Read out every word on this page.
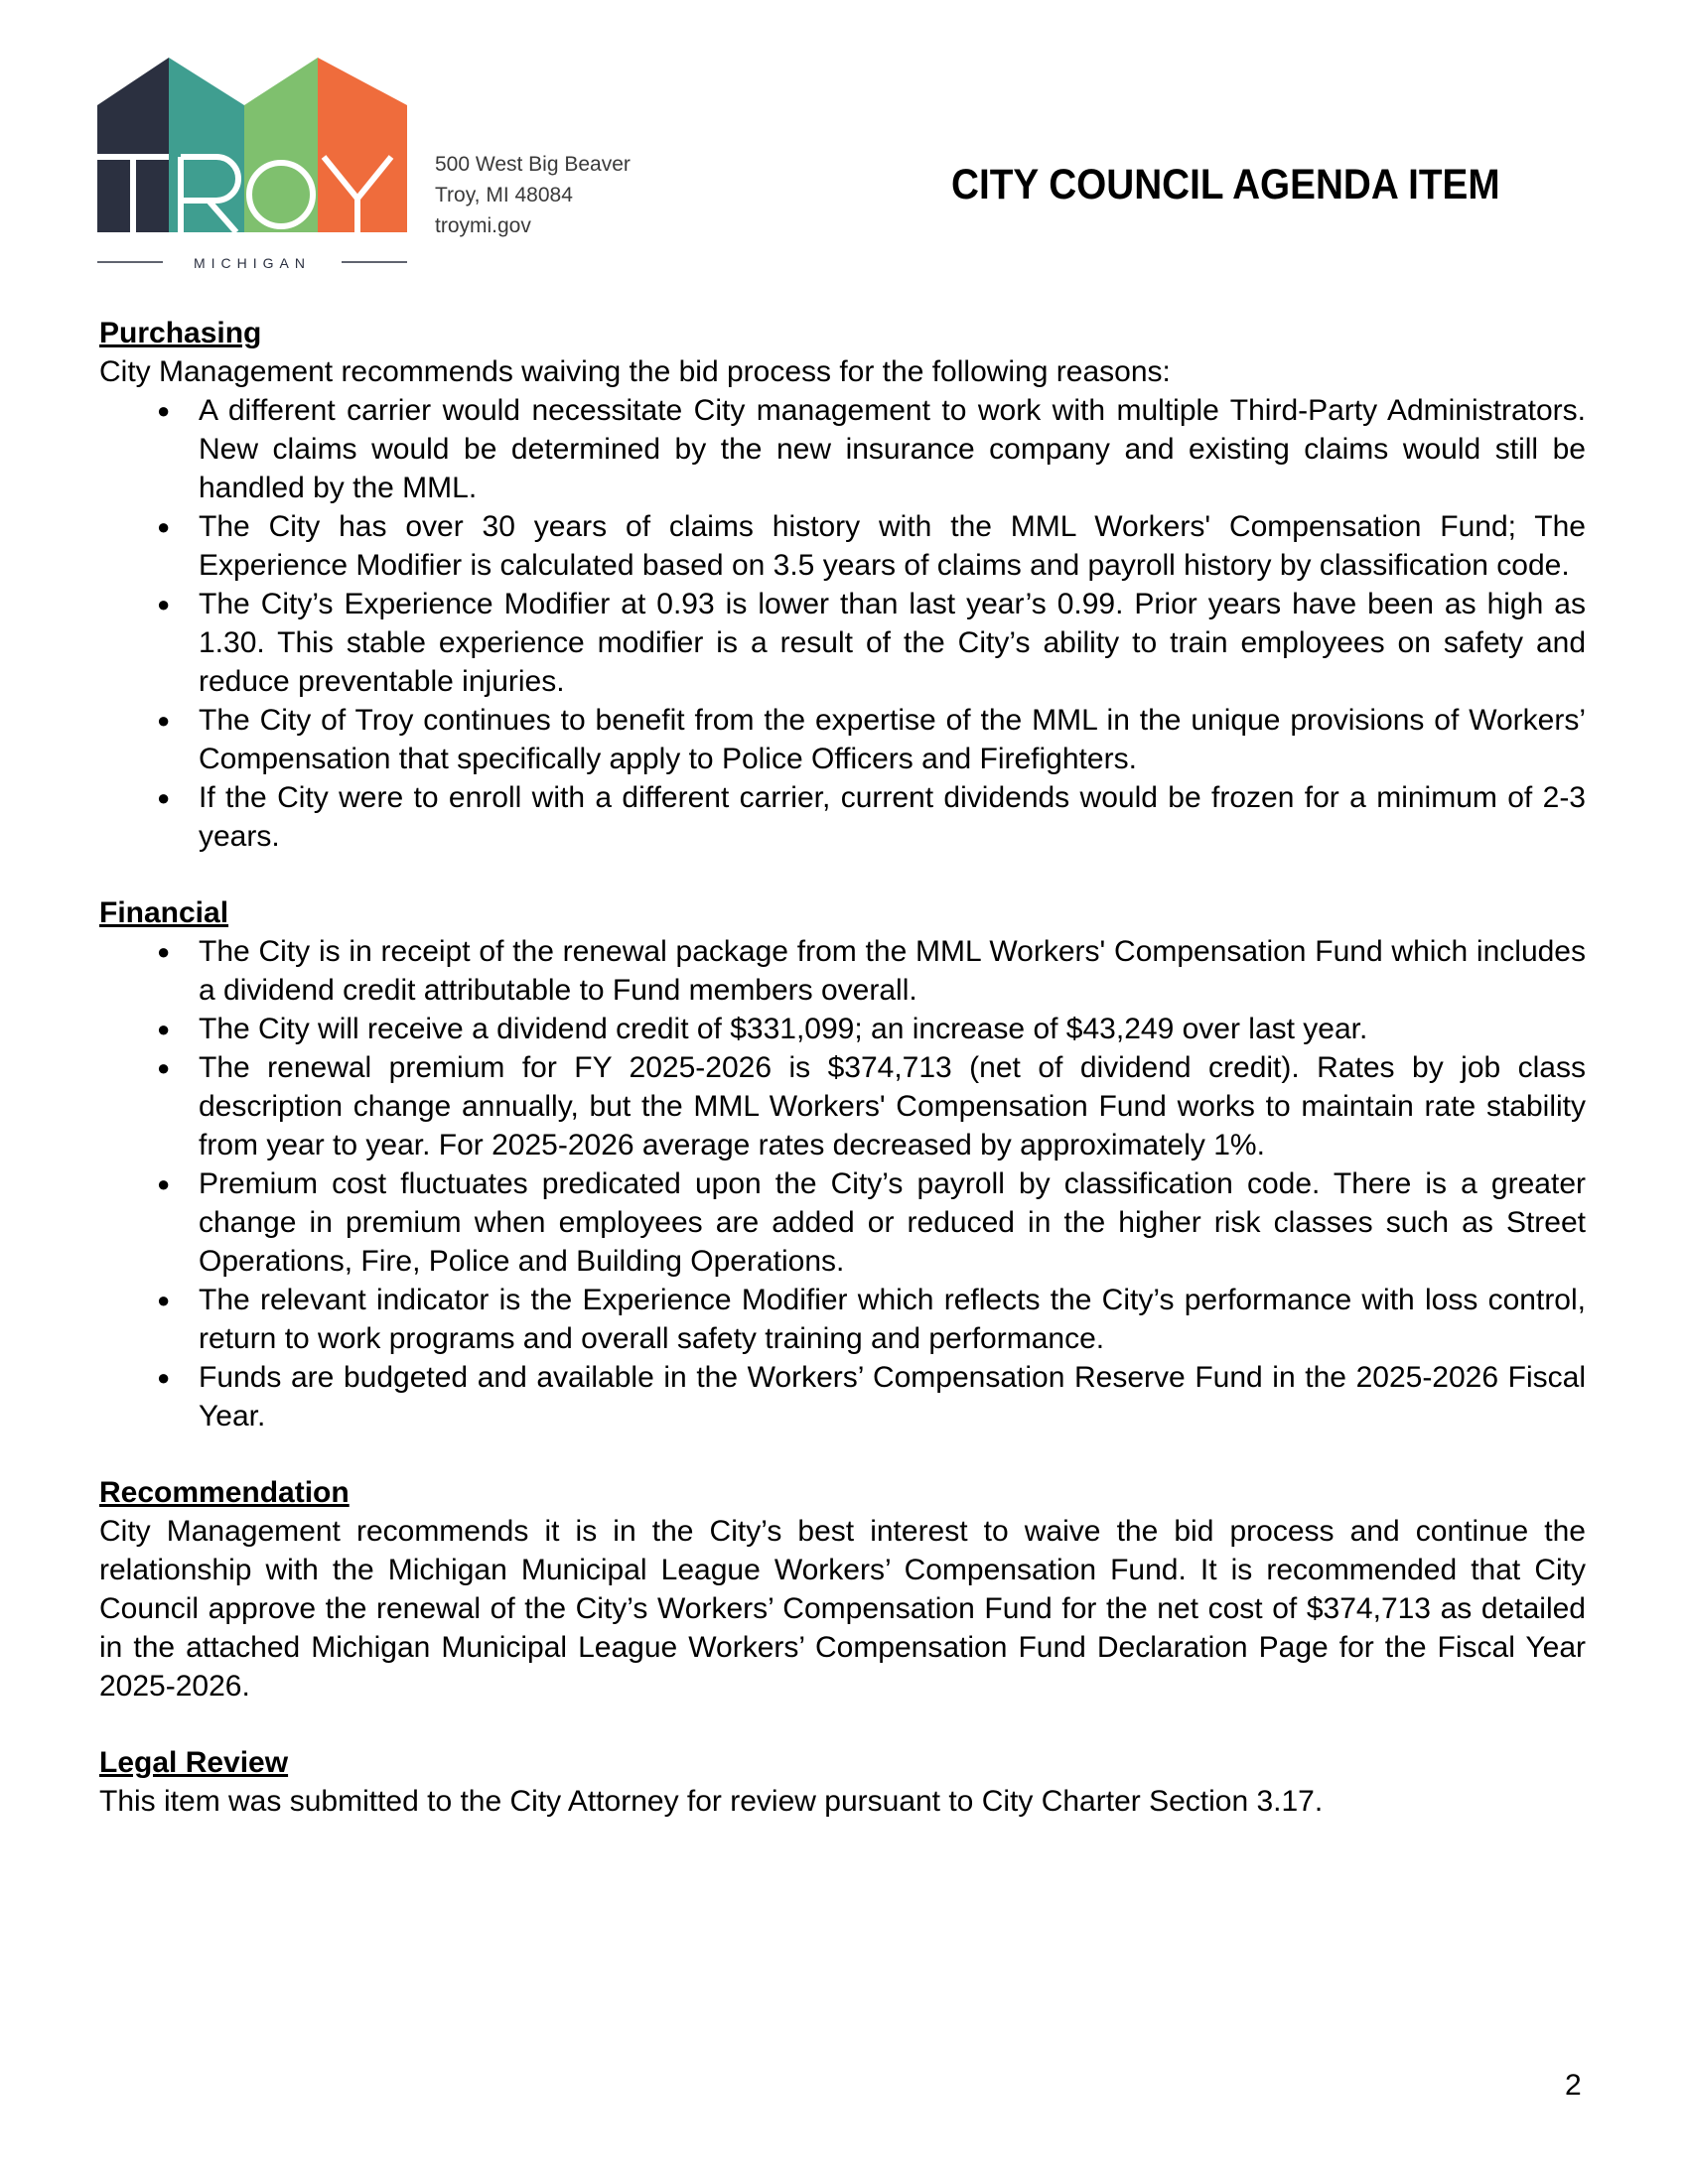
MICHIGAN
500 West Big Beaver
Troy, MI 48084
troymi.gov
CITY COUNCIL AGENDA ITEM

Purchasing

City Management recommends waiving the bid process for the following reasons:

● A different carrier would necessitate City management to work with multiple Third-Party Administrators. New claims would be determined by the new insurance company and existing claims would still be handled by the MML.
● The City has over 30 years of claims history with the MML Workers' Compensation Fund; The Experience Modifier is calculated based on 3.5 years of claims and payroll history by classification code.
● The City’s Experience Modifier at 0.93 is lower than last year’s 0.99. Prior years have been as high as 1.30. This stable experience modifier is a result of the City’s ability to train employees on safety and reduce preventable injuries.
● The City of Troy continues to benefit from the expertise of the MML in the unique provisions of Workers’ Compensation that specifically apply to Police Officers and Firefighters.
● If the City were to enroll with a different carrier, current dividends would be frozen for a minimum of 2-3 years.

Financial

● The City is in receipt of the renewal package from the MML Workers' Compensation Fund which includes a dividend credit attributable to Fund members overall.
● The City will receive a dividend credit of $331,099; an increase of $43,249 over last year.
● The renewal premium for FY 2025-2026 is $374,713 (net of dividend credit). Rates by job class description change annually, but the MML Workers' Compensation Fund works to maintain rate stability from year to year. For 2025-2026 average rates decreased by approximately 1%.
● Premium cost fluctuates predicated upon the City’s payroll by classification code. There is a greater change in premium when employees are added or reduced in the higher risk classes such as Street Operations, Fire, Police and Building Operations.
● The relevant indicator is the Experience Modifier which reflects the City’s performance with loss control, return to work programs and overall safety training and performance.
● Funds are budgeted and available in the Workers’ Compensation Reserve Fund in the 2025-2026 Fiscal Year.

Recommendation

City Management recommends it is in the City’s best interest to waive the bid process and continue the relationship with the Michigan Municipal League Workers’ Compensation Fund. It is recommended that City Council approve the renewal of the City’s Workers’ Compensation Fund for the net cost of $374,713 as detailed in the attached Michigan Municipal League Workers’ Compensation Fund Declaration Page for the Fiscal Year 2025-2026.

Legal Review

This item was submitted to the City Attorney for review pursuant to City Charter Section 3.17.

2
